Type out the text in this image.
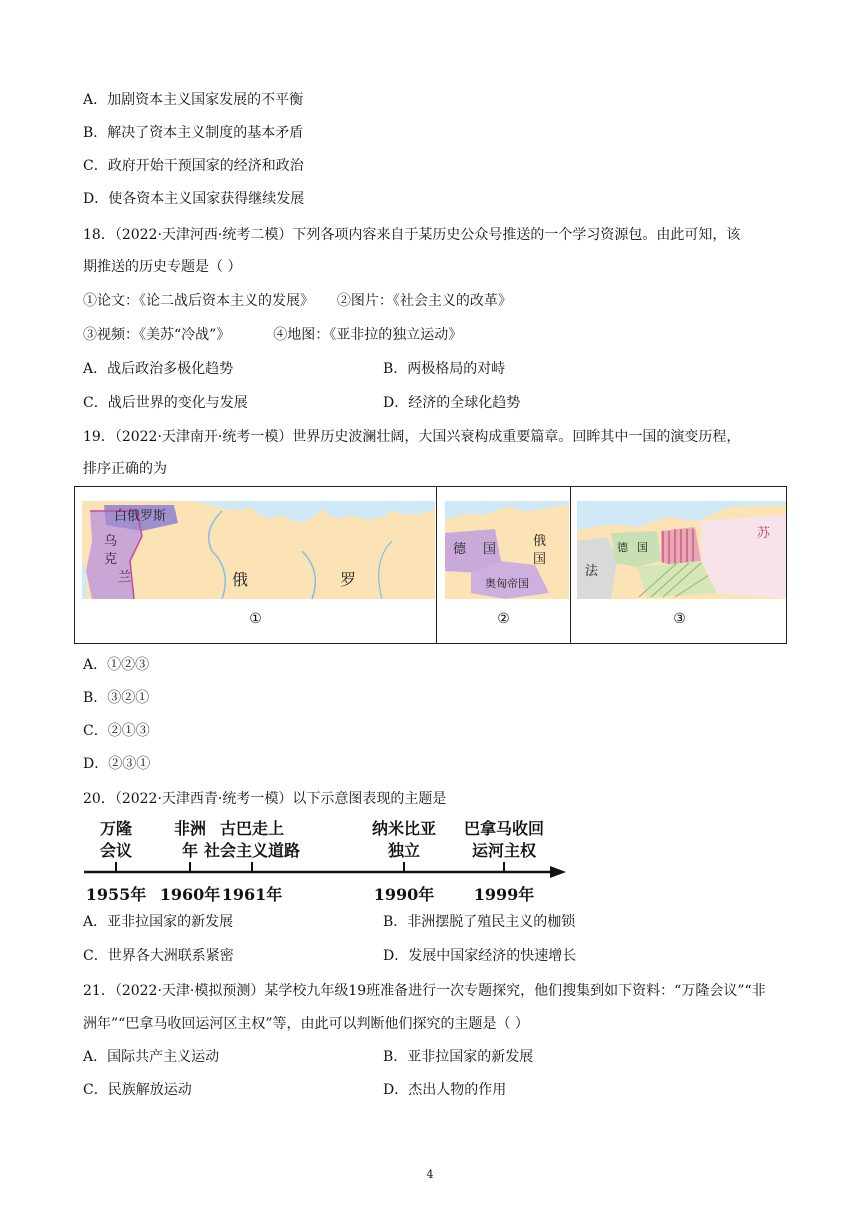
A．加剧资本主义国家发展的不平衡
B．解决了资本主义制度的基本矛盾
C．政府开始干预国家的经济和政治
D．使各资本主义国家获得继续发展
18．（2022·天津河西·统考二模）下列各项内容来自于某历史公众号推送的一个学习资源包。由此可知，该
期推送的历史专题是（ ）
①论文：《论二战后资本主义的发展》 ②图片：《社会主义的改革》
③视频：《美苏“冷战”》	④地图：《亚非拉的独立运动》
A．战后政治多极化趋势	B．两极格局的对峙
C．战后世界的变化与发展	D．经济的全球化趋势
19．（2022·天津南开·统考一模）世界历史波澜壮阔，大国兴衰构成重要篇章。回眸其中一国的演变历程，
排序正确的为
白俄罗斯
乌
克
兰	俄	罗
①
俄
国
德 国
奥匈帝国
②
苏
法
德 国
③
A．①②③
B．③②①
C．②①③
D．②③①
20．（2022·天津西青·统考一模）以下示意图表现的主题是
万隆
会议
1955年
非洲
年
1960年
古巴走上
社会主义道路
1961年
纳米比亚
独立
1990年
巴拿马收回
运河主权
1999年
A．亚非拉国家的新发展	B．非洲摆脱了殖民主义的枷锁
C．世界各大洲联系紧密	D．发展中国家经济的快速增长
21．（2022·天津·模拟预测）某学校九年级19班准备进行一次专题探究，他们搜集到如下资料：“万隆会议”“非
洲年”“巴拿马收回运河区主权”等，由此可以判断他们探究的主题是（ ）
A．国际共产主义运动	B．亚非拉国家的新发展
C．民族解放运动	D．杰出人物的作用
4
